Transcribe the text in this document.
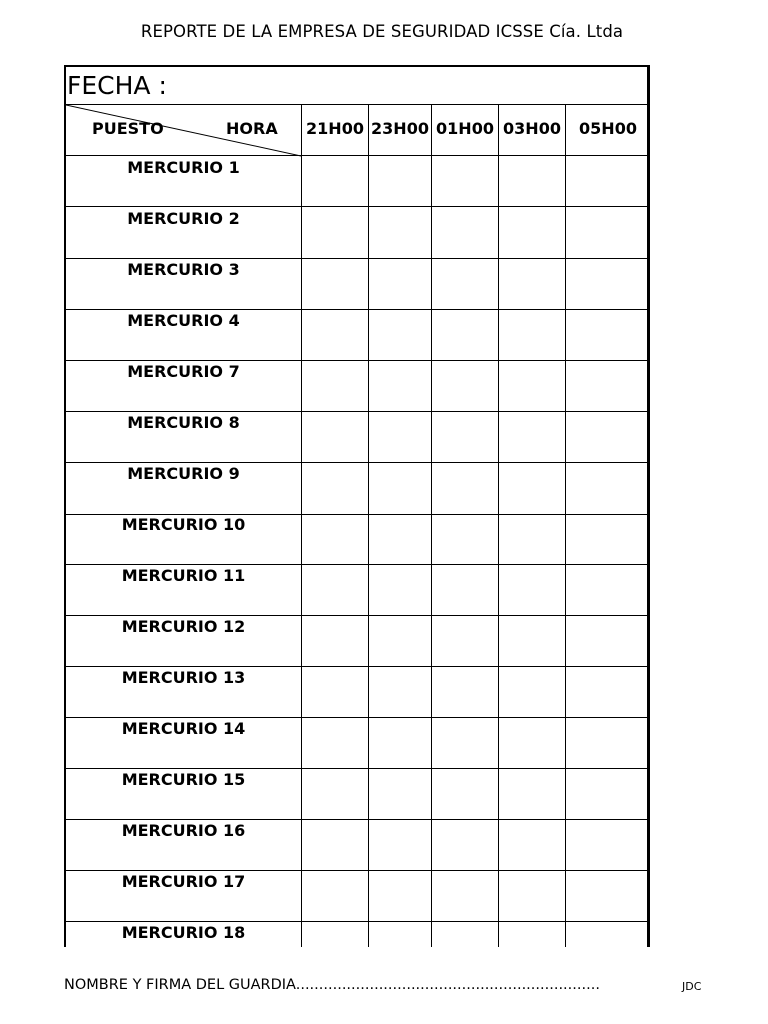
REPORTE DE LA EMPRESA DE SEGURIDAD ICSSE Cía. Ltda
FECHA :
PUESTO	HORA	21H00 23H00 01H00 03H00	05H00
MERCURIO 1
MERCURIO 2
MERCURIO 3
MERCURIO 4
MERCURIO 7
MERCURIO 8
MERCURIO 9
MERCURIO 10
MERCURIO 11
MERCURIO 12
MERCURIO 13
MERCURIO 14
MERCURIO 15
MERCURIO 16
MERCURIO 17
MERCURIO 18
NOMBRE Y FIRMA DEL GUARDIA..................................................................	JDC
